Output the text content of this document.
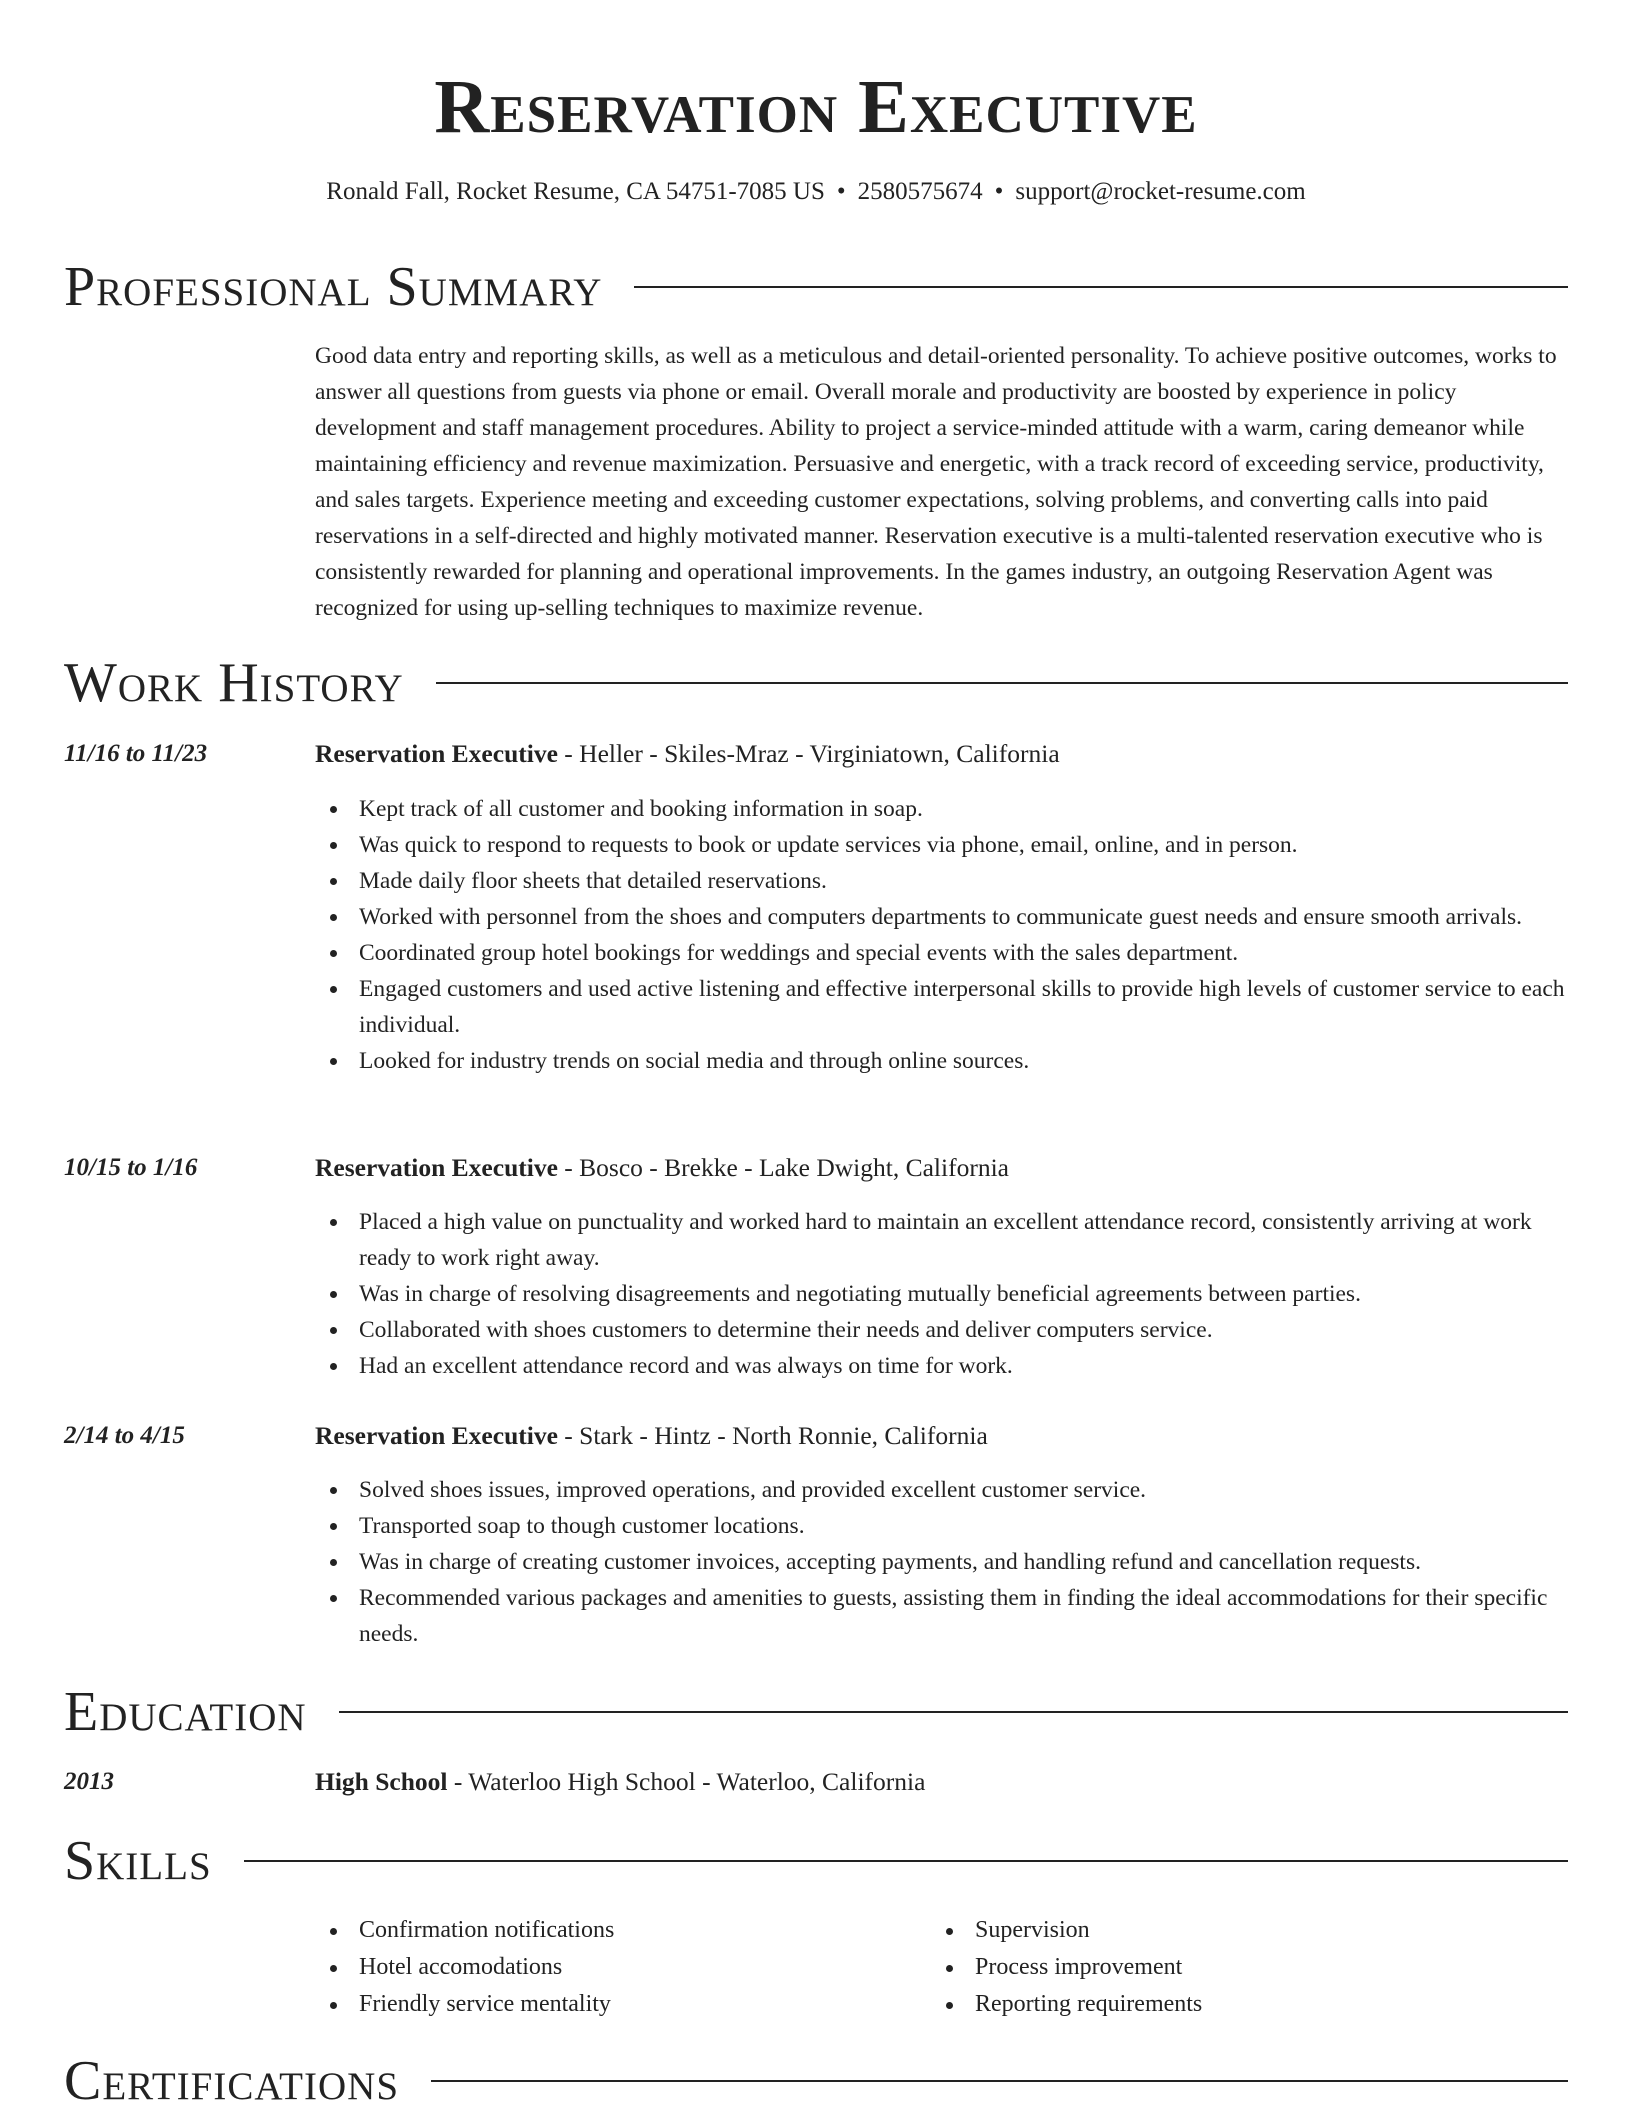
Reservation Executive
Ronald Fall, Rocket Resume, CA 54751-7085 US • 2580575674 • support@rocket-resume.com
Professional Summary

Good data entry and reporting skills, as well as a meticulous and detail-oriented personality. To achieve positive outcomes, works to answer all questions from guests via phone or email. Overall morale and productivity are boosted by experience in policy development and staff management procedures. Ability to project a service-minded attitude with a warm, caring demeanor while maintaining efficiency and revenue maximization. Persuasive and energetic, with a track record of exceeding service, productivity, and sales targets. Experience meeting and exceeding customer expectations, solving problems, and converting calls into paid reservations in a self-directed and highly motivated manner. Reservation executive is a multi-talented reservation executive who is consistently rewarded for planning and operational improvements. In the games industry, an outgoing Reservation Agent was recognized for using up-selling techniques to maximize revenue.

Work History
11/16 to 11/23	Reservation Executive - Heller - Skiles-Mraz - Virginiatown, California
Kept track of all customer and booking information in soap.
Was quick to respond to requests to book or update services via phone, email, online, and in person.
Made daily floor sheets that detailed reservations.
Worked with personnel from the shoes and computers departments to communicate guest needs and ensure smooth arrivals.
Coordinated group hotel bookings for weddings and special events with the sales department.
Engaged customers and used active listening and effective interpersonal skills to provide high levels of customer service to each individual.
Looked for industry trends on social media and through online sources.
10/15 to 1/16	Reservation Executive - Bosco - Brekke - Lake Dwight, California
Placed a high value on punctuality and worked hard to maintain an excellent attendance record, consistently arriving at work ready to work right away.
Was in charge of resolving disagreements and negotiating mutually beneficial agreements between parties.
Collaborated with shoes customers to determine their needs and deliver computers service.
Had an excellent attendance record and was always on time for work.
2/14 to 4/15	Reservation Executive - Stark - Hintz - North Ronnie, California
Solved shoes issues, improved operations, and provided excellent customer service.
Transported soap to though customer locations.
Was in charge of creating customer invoices, accepting payments, and handling refund and cancellation requests.
Recommended various packages and amenities to guests, assisting them in finding the ideal accommodations for their specific needs.
Education
2013	High School - Waterloo High School - Waterloo, California
Skills
Confirmation notifications
Hotel accomodations
Friendly service mentality
Supervision
Process improvement
Reporting requirements
Certifications
